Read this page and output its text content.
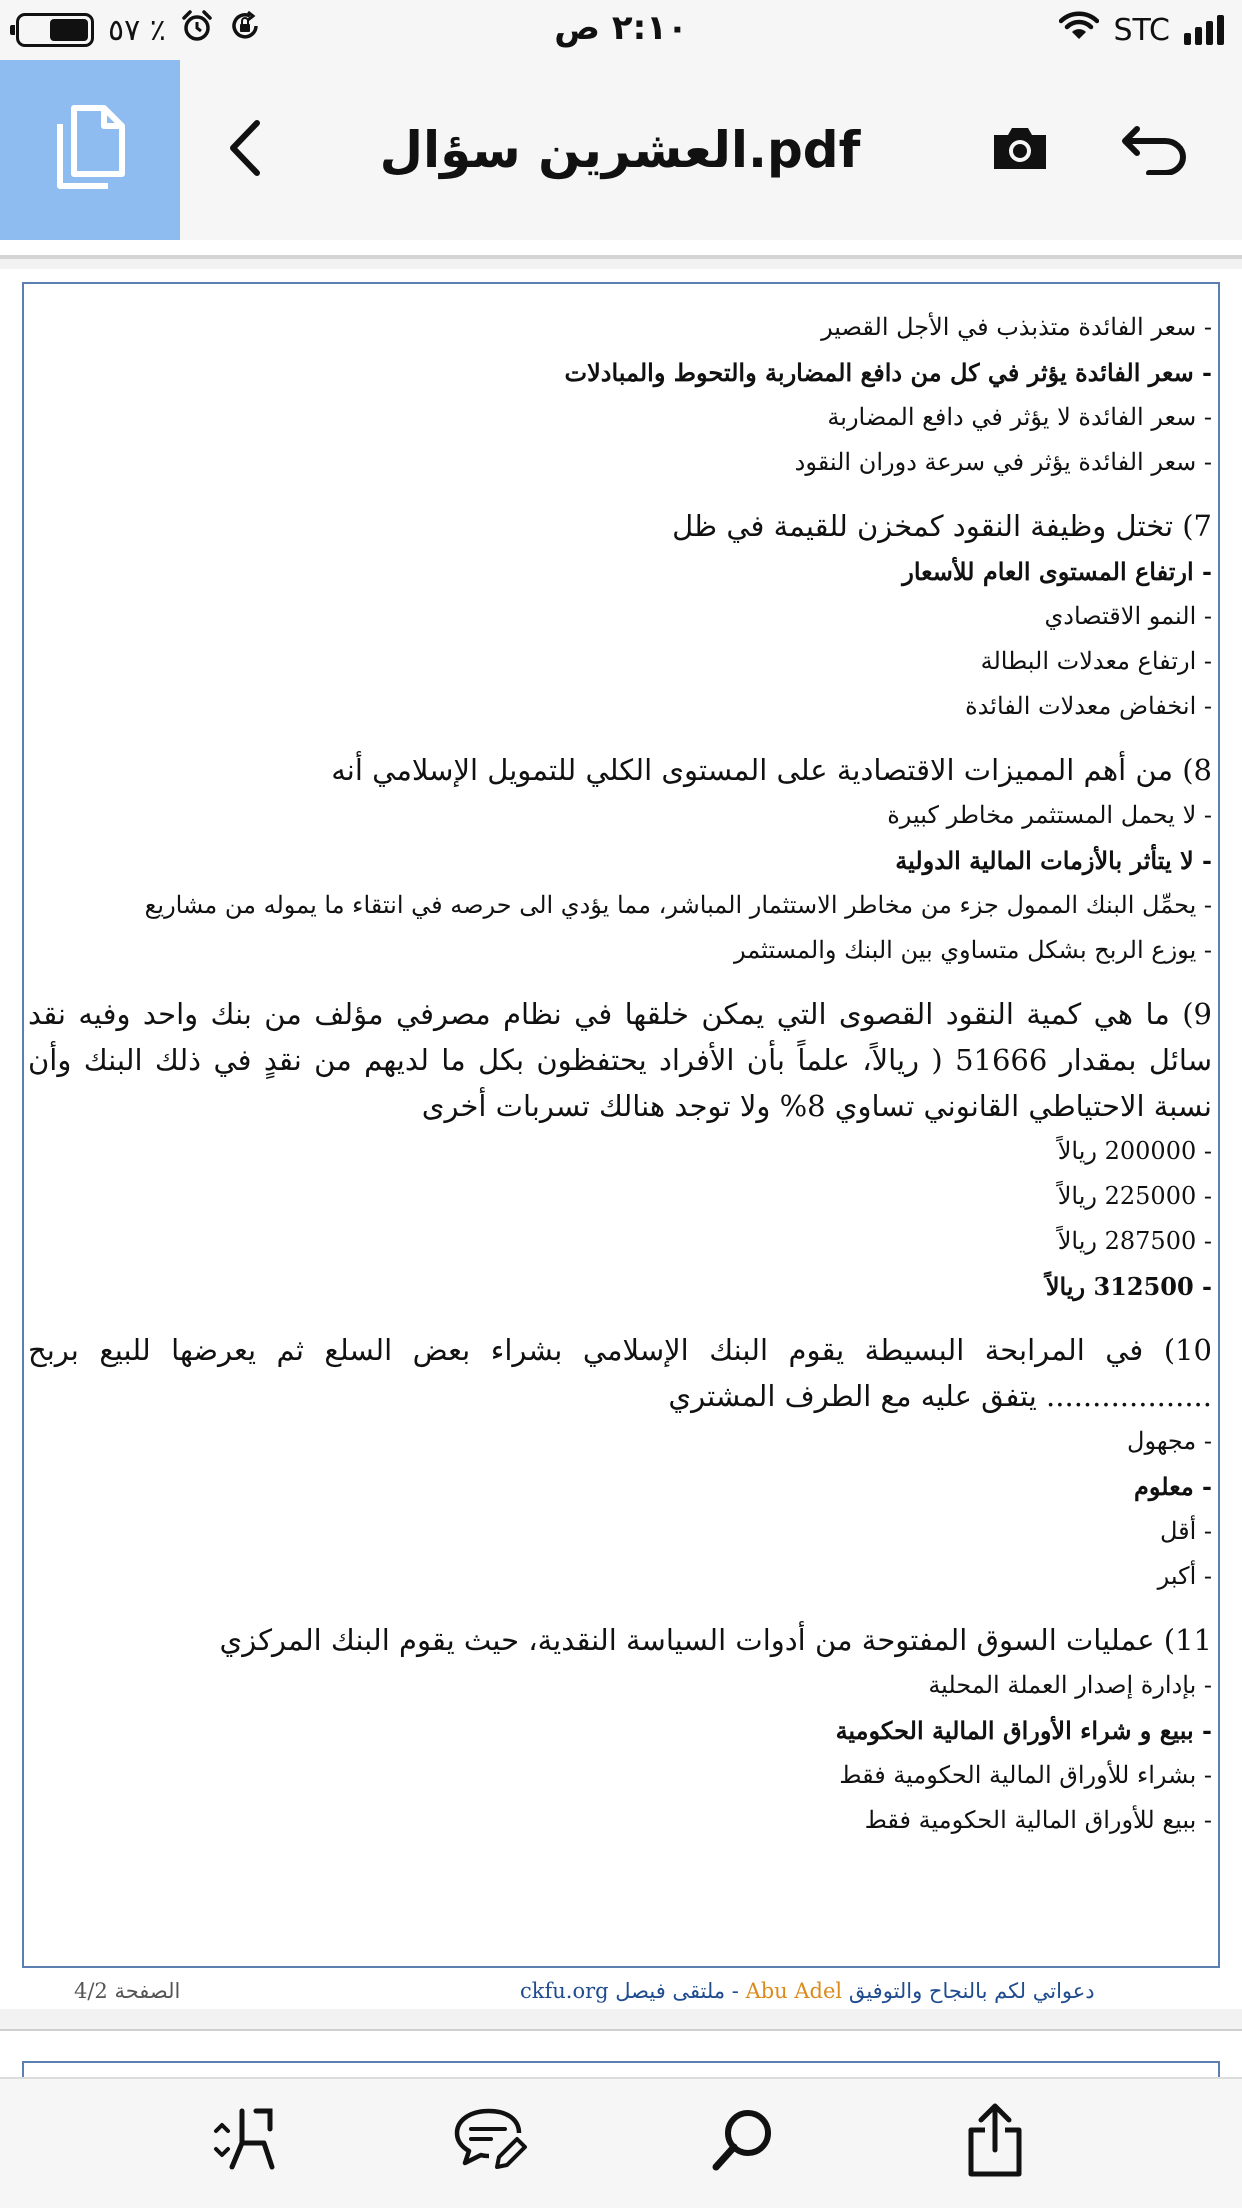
٥٧ ٪	٢:١٠ ص	STC
العشرين سؤال.pdf
- سعر الفائدة متذبذب في الأجل القصير
- سعر الفائدة يؤثر في كل من دافع المضاربة والتحوط والمبادلات
- سعر الفائدة لا يؤثر في دافع المضاربة
- سعر الفائدة يؤثر في سرعة دوران النقود
7) تختل وظيفة النقود كمخزن للقيمة في ظل
- ارتفاع المستوى العام للأسعار
- النمو الاقتصادي
- ارتفاع معدلات البطالة
- انخفاض معدلات الفائدة
8) من أهم المميزات الاقتصادية على المستوى الكلي للتمويل الإسلامي أنه
- لا يحمل المستثمر مخاطر كبيرة
- لا يتأثر بالأزمات المالية الدولية
- يحمِّل البنك الممول جزء من مخاطر الاستثمار المباشر، مما يؤدي الى حرصه في انتقاء ما يموله من مشاريع
- يوزع الربح بشكل متساوي بين البنك والمستثمر
9) ما هي كمية النقود القصوى التي يمكن خلقها في نظام مصرفي مؤلف من بنك واحد وفيه نقد سائل بمقدار 51666 ( ريالاً، علماً بأن الأفراد يحتفظون بكل ما لديهم من نقدٍ في ذلك البنك وأن نسبة الاحتياطي القانوني تساوي 8% ولا توجد هنالك تسربات أخرى
- 200000 ريالاً
- 225000 ريالاً
- 287500 ريالاً
- 312500 ريالاً
10) في المرابحة البسيطة يقوم البنك الإسلامي بشراء بعض السلع ثم يعرضها للبيع بربح .................. يتفق عليه مع الطرف المشتري
- مجهول
- معلوم
- أقل
- أكبر
11) عمليات السوق المفتوحة من أدوات السياسة النقدية، حيث يقوم البنك المركزي
- بإدارة إصدار العملة المحلية
- ببيع و شراء الأوراق المالية الحكومية
- بشراء للأوراق المالية الحكومية فقط
- ببيع للأوراق المالية الحكومية فقط
الصفحة 4/2	دعواتي لكم بالنجاح والتوفيق Abu Adel - ملتقى فيصل ckfu.org
